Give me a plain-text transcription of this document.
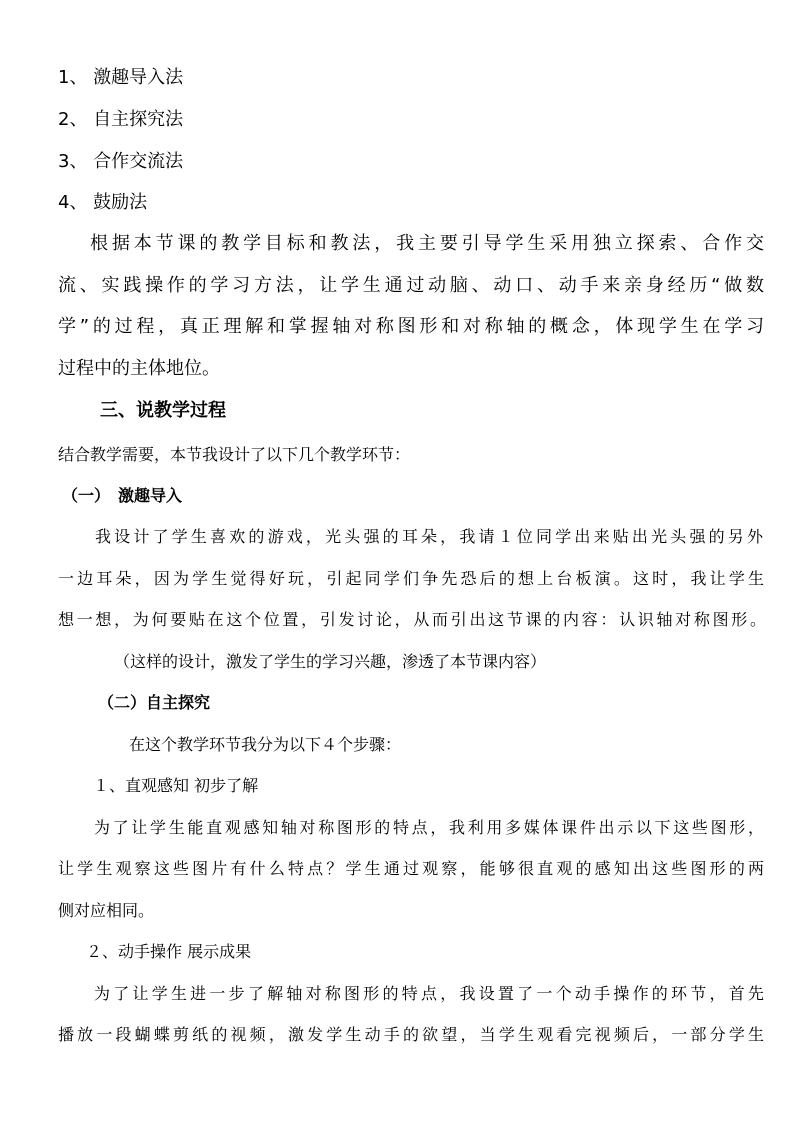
1、 激趣导入法
2、 自主探究法
3、 合作交流法
4、 鼓励法
根据本节课的教学目标和教法，我主要引导学生采用独立探索、合作交
流、实践操作的学习方法，让学生通过动脑、动口、动手来亲身经历“做数
学”的过程，真正理解和掌握轴对称图形和对称轴的概念，体现学生在学习
过程中的主体地位。
三、说教学过程
结合教学需要，本节我设计了以下几个教学环节：
（一）　激趣导入
我设计了学生喜欢的游戏，光头强的耳朵，我请１位同学出来贴出光头强的另外
一边耳朵，因为学生觉得好玩，引起同学们争先恐后的想上台板演。这时，我让学生
想一想，为何要贴在这个位置，引发讨论，从而引出这节课的内容：认识轴对称图形。
（这样的设计，激发了学生的学习兴趣，渗透了本节课内容）
（二）自主探究
在这个教学环节我分为以下４个步骤：
１、直观感知 初步了解
为了让学生能直观感知轴对称图形的特点，我利用多媒体课件出示以下这些图形，
让学生观察这些图片有什么特点？学生通过观察，能够很直观的感知出这些图形的两
侧对应相同。
２、动手操作 展示成果
为了让学生进一步了解轴对称图形的特点，我设置了一个动手操作的环节，首先
播放一段蝴蝶剪纸的视频，激发学生动手的欲望，当学生观看完视频后，一部分学生
